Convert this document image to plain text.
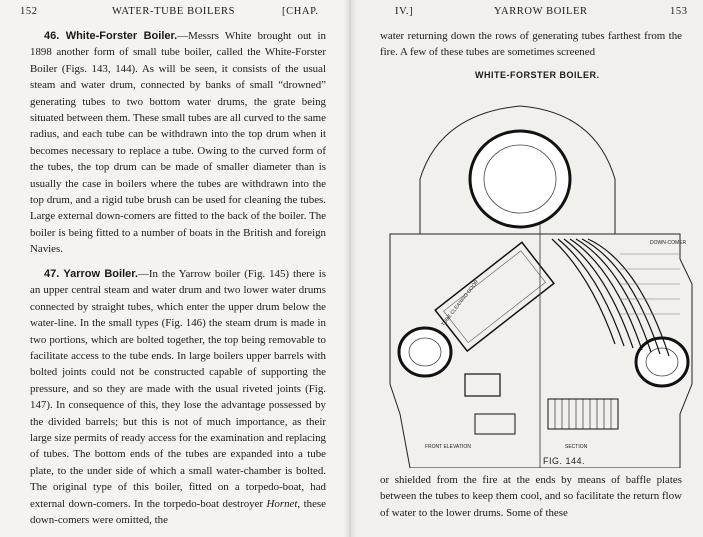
152	WATER-TUBE BOILERS	[CHAP.

46. White-Forster Boiler.—Messrs White brought out in 1898 another form of small tube boiler, called the White-Forster Boiler (Figs. 143, 144). As will be seen, it consists of the usual steam and water drum, connected by banks of small “drowned” generating tubes to two bottom water drums, the grate being situated between them. These small tubes are all curved to the same radius, and each tube can be withdrawn into the top drum when it becomes necessary to replace a tube. Owing to the curved form of the tubes, the top drum can be made of smaller diameter than is usually the case in boilers where the tubes are withdrawn into the top drum, and a rigid tube brush can be used for cleaning the tubes. Large external down-comers are fitted to the back of the boiler. The boiler is being fitted to a number of boats in the British and foreign Navies.

47. Yarrow Boiler.—In the Yarrow boiler (Fig. 145) there is an upper central steam and water drum and two lower water drums connected by straight tubes, which enter the upper drum below the water-line. In the small types (Fig. 146) the steam drum is made in two portions, which are bolted together, the top being removable to facilitate access to the tube ends. In large boilers upper barrels with bolted joints could not be constructed capable of supporting the pressure, and so they are made with the usual riveted joints (Fig. 147). In consequence of this, they lose the advantage possessed by the divided barrels; but this is not of much importance, as their large size permits of ready access for the examination and replacing of tubes. The bottom ends of the tubes are expanded into a tube plate, to the under side of which a small water-chamber is bolted. The original type of this boiler, fitted on a torpedo-boat, had external down-comers. In the torpedo-boat destroyer Hornet, these down-comers were omitted, the

IV.]	YARROW BOILER	153
water returning down the rows of generating tubes farthest from the fire. A few of these tubes are sometimes screened
WHITE-FORSTER BOILER.
or shielded from the fire at the ends by means of baffle plates between the tubes to keep them cool, and so facilitate the return flow of water to the lower drums. Some of these
TUBE CLEANING DOOR
FRONT ELEVATION	SECTION
DOWN-COMER
FIG. 144.
